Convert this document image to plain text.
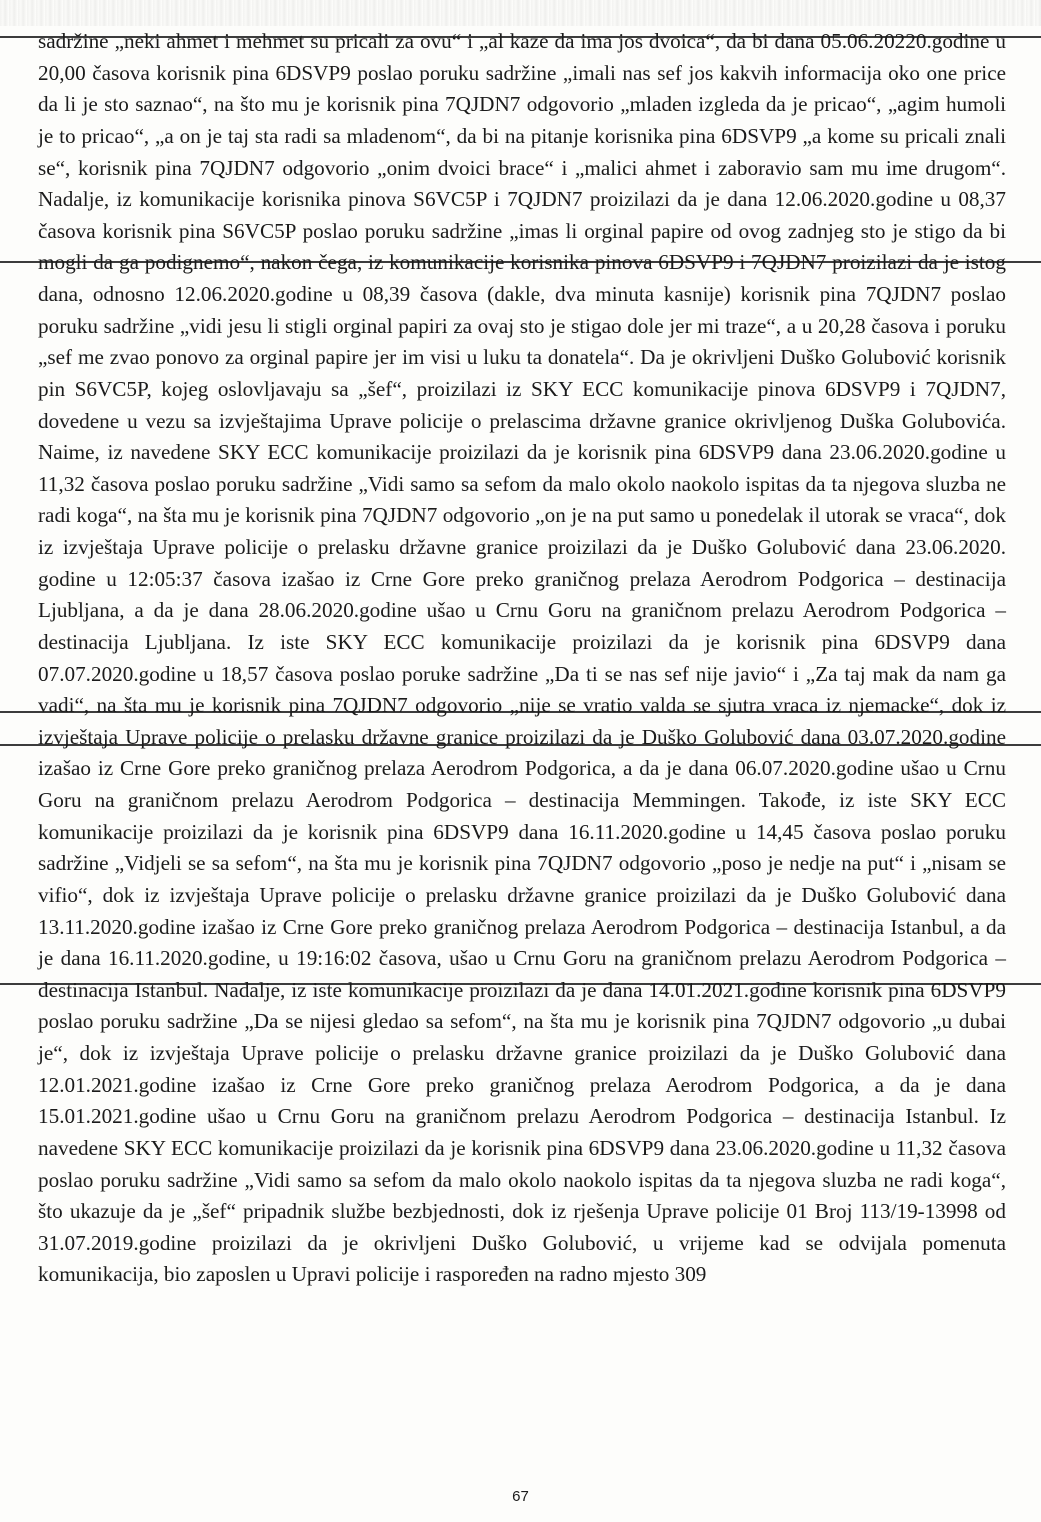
sadržine „neki ahmet i mehmet su pricali za ovu“ i „al kaze da ima jos dvoica“, da bi dana 05.06.20220.godine u 20,00 časova korisnik pina 6DSVP9 poslao poruku sadržine „imali nas sef jos kakvih informacija oko one price da li je sto saznao“, na što mu je korisnik pina 7QJDN7 odgovorio „mladen izgleda da je pricao“, „agim humoli je to pricao“, „a on je taj sta radi sa mladenom“, da bi na pitanje korisnika pina 6DSVP9 „a kome su pricali znali se“, korisnik pina 7QJDN7 odgovorio „onim dvoici brace“ i „malici ahmet i zaboravio sam mu ime drugom“. Nadalje, iz komunikacije korisnika pinova S6VC5P i 7QJDN7 proizilazi da je dana 12.06.2020.godine u 08,37 časova korisnik pina S6VC5P poslao poruku sadržine „imas li orginal papire od ovog zadnjeg sto je stigo da bi mogli da ga podignemo“, nakon čega, iz komunikacije korisnika pinova 6DSVP9 i 7QJDN7 proizilazi da je istog dana, odnosno 12.06.2020.godine u 08,39 časova (dakle, dva minuta kasnije) korisnik pina 7QJDN7 poslao poruku sadržine „vidi jesu li stigli orginal papiri za ovaj sto je stigao dole jer mi traze“, a u 20,28 časova i poruku „sef me zvao ponovo za orginal papire jer im visi u luku ta donatela“. Da je okrivljeni Duško Golubović korisnik pin S6VC5P, kojeg oslovljavaju sa „šef“, proizilazi iz SKY ECC komunikacije pinova 6DSVP9 i 7QJDN7, dovedene u vezu sa izvještajima Uprave policije o prelascima državne granice okrivljenog Duška Golubovića. Naime, iz navedene SKY ECC komunikacije proizilazi da je korisnik pina 6DSVP9 dana 23.06.2020.godine u 11,32 časova poslao poruku sadržine „Vidi samo sa sefom da malo okolo naokolo ispitas da ta njegova sluzba ne radi koga“, na šta mu je korisnik pina 7QJDN7 odgovorio „on je na put samo u ponedelak il utorak se vraca“, dok iz izvještaja Uprave policije o prelasku državne granice proizilazi da je Duško Golubović dana 23.06.2020. godine u 12:05:37 časova izašao iz Crne Gore preko graničnog prelaza Aerodrom Podgorica – destinacija Ljubljana, a da je dana 28.06.2020.godine ušao u Crnu Goru na graničnom prelazu Aerodrom Podgorica – destinacija Ljubljana. Iz iste SKY ECC komunikacije proizilazi da je korisnik pina 6DSVP9 dana 07.07.2020.godine u 18,57 časova poslao poruke sadržine „Da ti se nas sef nije javio“ i „Za taj mak da nam ga vadi“, na šta mu je korisnik pina 7QJDN7 odgovorio „nije se vratio valda se sjutra vraca iz njemacke“, dok iz izvještaja Uprave policije o prelasku državne granice proizilazi da je Duško Golubović dana 03.07.2020.godine izašao iz Crne Gore preko graničnog prelaza Aerodrom Podgorica, a da je dana 06.07.2020.godine ušao u Crnu Goru na graničnom prelazu Aerodrom Podgorica – destinacija Memmingen. Takođe, iz iste SKY ECC komunikacije proizilazi da je korisnik pina 6DSVP9 dana 16.11.2020.godine u 14,45 časova poslao poruku sadržine „Vidjeli se sa sefom“, na šta mu je korisnik pina 7QJDN7 odgovorio „poso je nedje na put“ i „nisam se vifio“, dok iz izvještaja Uprave policije o prelasku državne granice proizilazi da je Duško Golubović dana 13.11.2020.godine izašao iz Crne Gore preko graničnog prelaza Aerodrom Podgorica – destinacija Istanbul, a da je dana 16.11.2020.godine, u 19:16:02 časova, ušao u Crnu Goru na graničnom prelazu Aerodrom Podgorica – destinacija Istanbul. Nadalje, iz iste komunikacije proizilazi da je dana 14.01.2021.godine korisnik pina 6DSVP9 poslao poruku sadržine „Da se nijesi gledao sa sefom“, na šta mu je korisnik pina 7QJDN7 odgovorio „u dubai je“, dok iz izvještaja Uprave policije o prelasku državne granice proizilazi da je Duško Golubović dana 12.01.2021.godine izašao iz Crne Gore preko graničnog prelaza Aerodrom Podgorica, a da je dana 15.01.2021.godine ušao u Crnu Goru na graničnom prelazu Aerodrom Podgorica – destinacija Istanbul. Iz navedene SKY ECC komunikacije proizilazi da je korisnik pina 6DSVP9 dana 23.06.2020.godine u 11,32 časova poslao poruku sadržine „Vidi samo sa sefom da malo okolo naokolo ispitas da ta njegova sluzba ne radi koga“, što ukazuje da je „šef“ pripadnik službe bezbjednosti, dok iz rješenja Uprave policije 01 Broj 113/19-13998 od 31.07.2019.godine proizilazi da je okrivljeni Duško Golubović, u vrijeme kad se odvijala pomenuta komunikacija, bio zaposlen u Upravi policije i raspoređen na radno mjesto 309

67
